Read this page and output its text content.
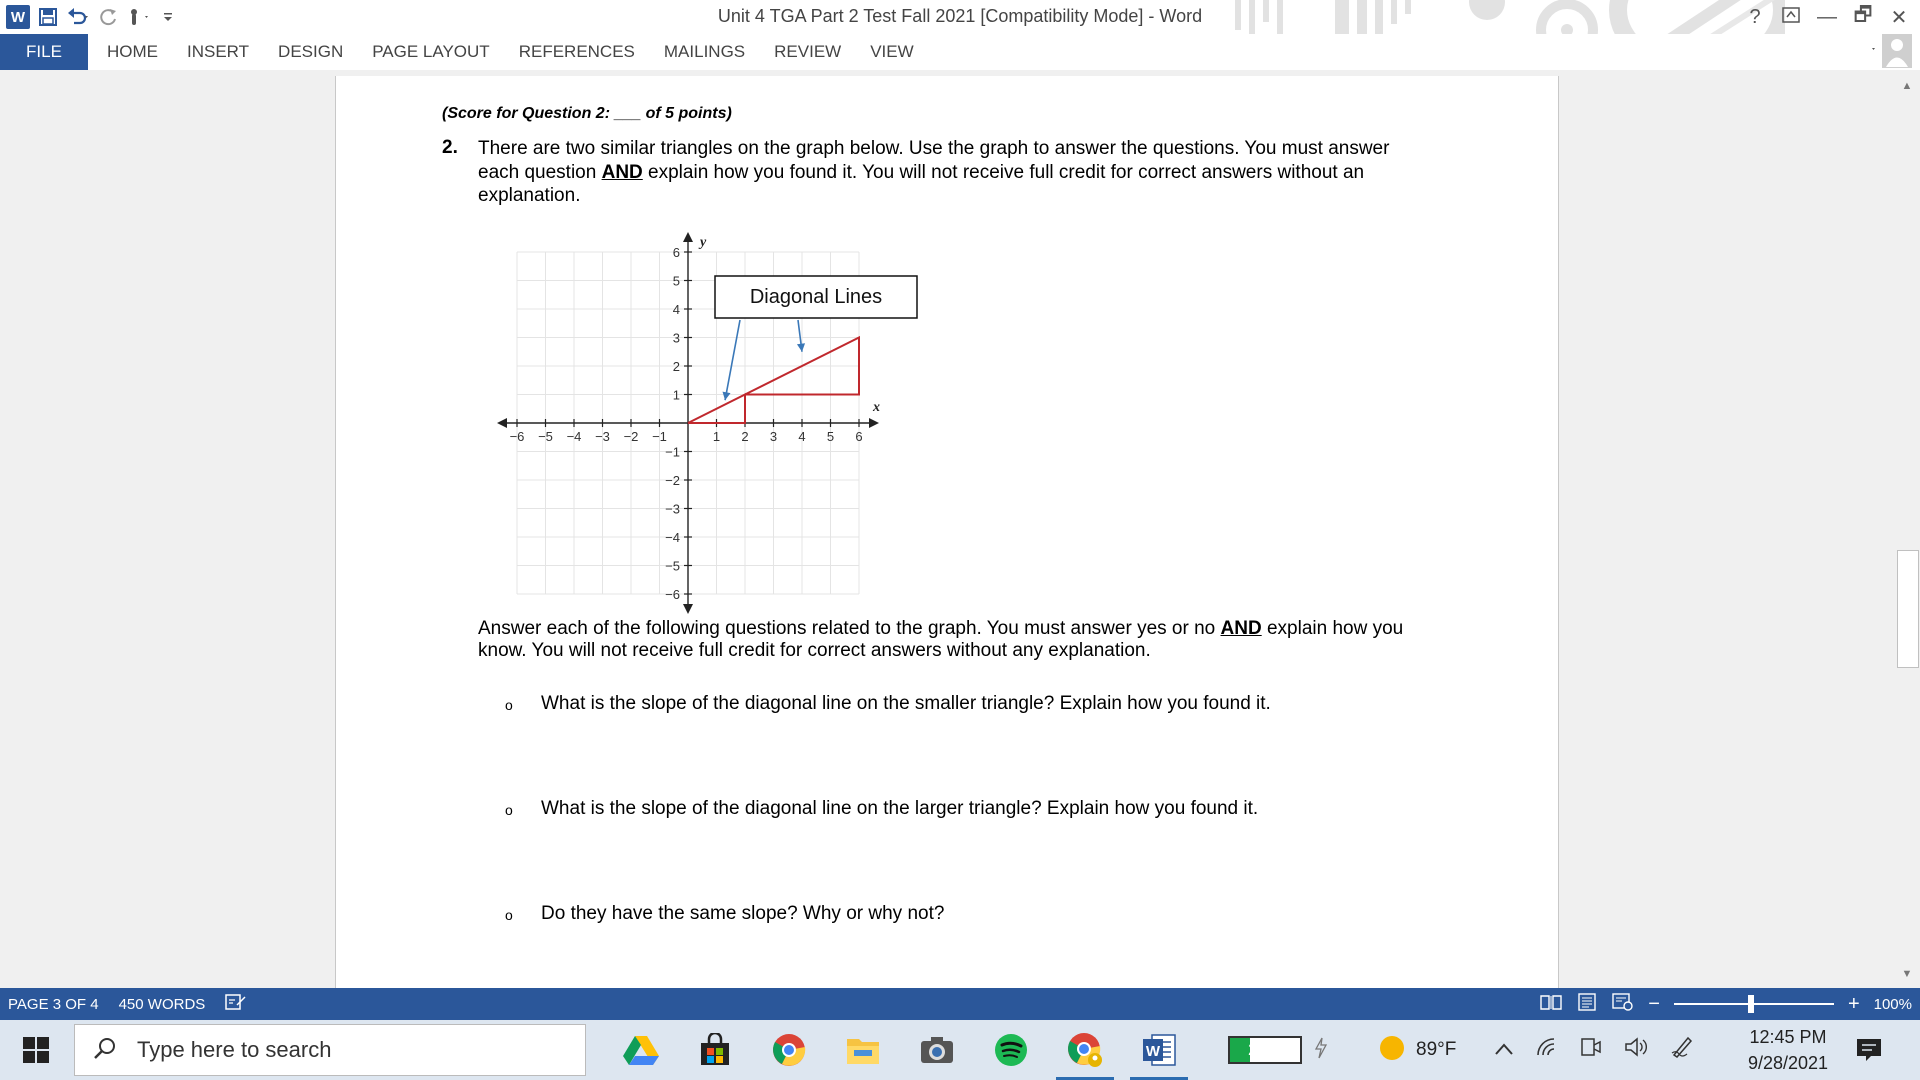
W	Unit 4 TGA Part 2 Test Fall 2021 [Compatibility Mode] - Word	?	— 🗗 ✕
FILE	HOME INSERT DESIGN PAGE LAYOUT REFERENCES MAILINGS REVIEW VIEW
(Score for Question 2: ___ of 5 points)
2. There are two similar triangles on the graph below. Use the graph to answer the questions. You must answer each question AND explain how you found it. You will not receive full credit for correct answers without an explanation.
−6 −5 −4 −3 −2 −1	1 2 3 4 5 6
6
5
4
3
2
1
−1
−2
−3
−4
−5
−6
x
y
Diagonal Lines
Answer each of the following questions related to the graph. You must answer yes or no AND explain how you know. You will not receive full credit for correct answers without any explanation.
o What is the slope of the diagonal line on the smaller triangle? Explain how you found it.
o What is the slope of the diagonal line on the larger triangle? Explain how you found it.
o Do they have the same slope? Why or why not?
▲
▼
PAGE 3 OF 4 450 WORDS	−	+ 100%
Type here to search	W	29%	89°F
12:45 PM
9/28/2021
